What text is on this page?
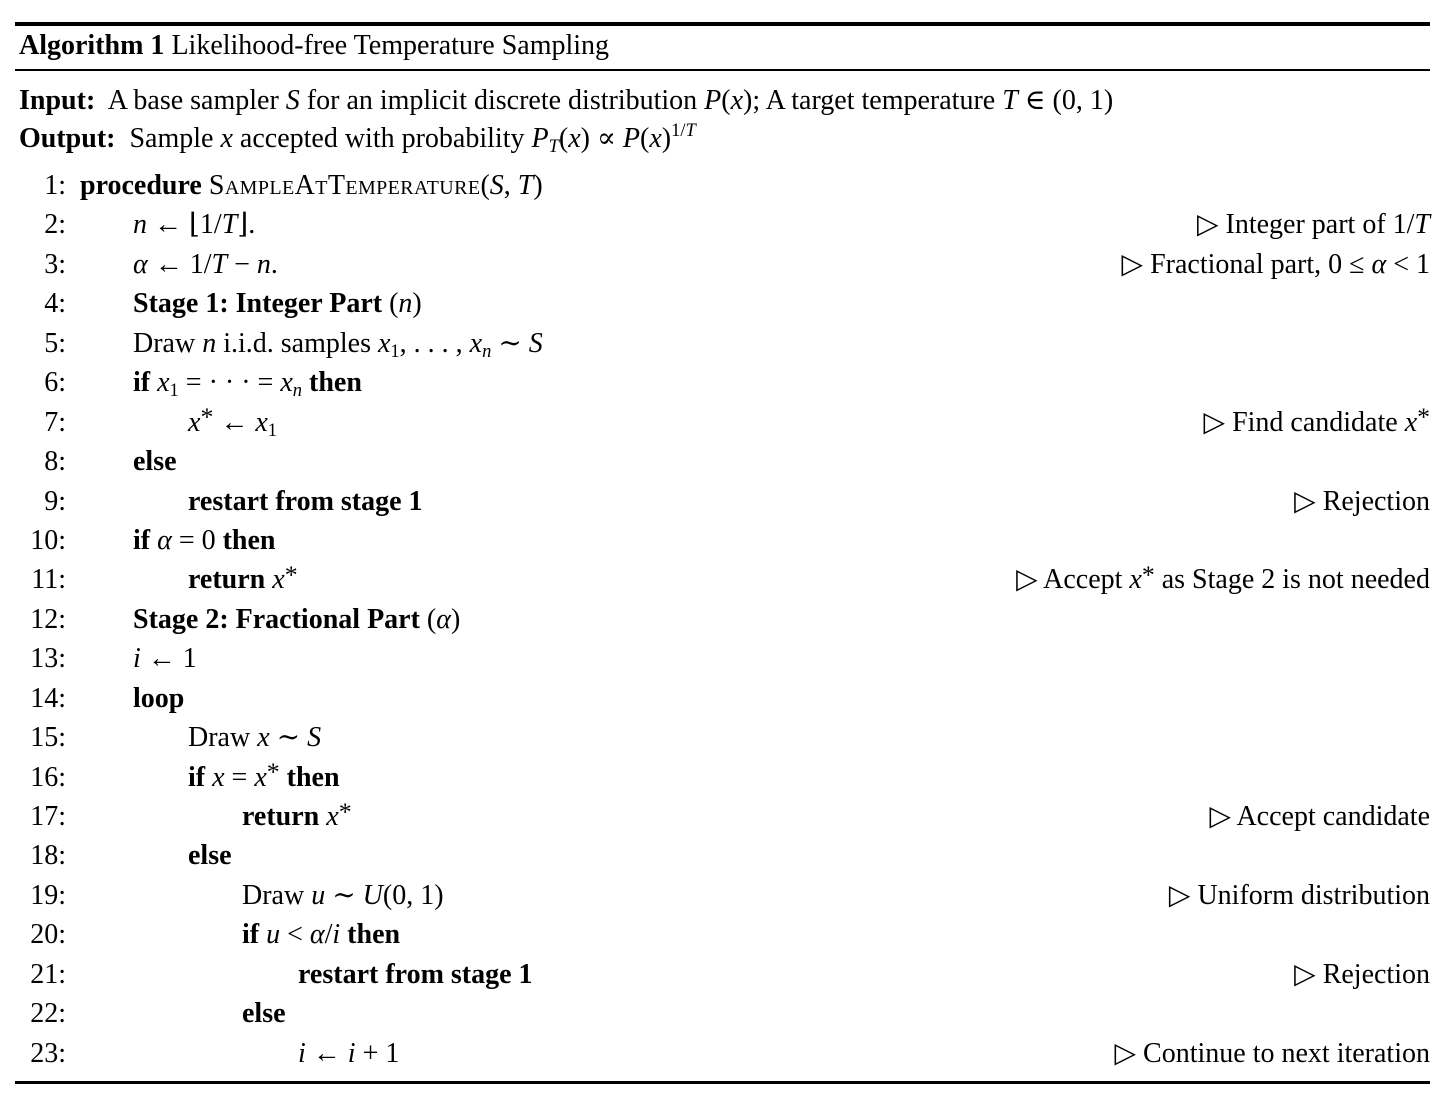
Algorithm 1 Likelihood-free Temperature Sampling
Input:  A base sampler S for an implicit discrete distribution P(x); A target temperature T ∈ (0, 1)
Output:  Sample x accepted with probability $PT(x) \propto P(x)^{1/T}$
1: procedure SampleAtTemperature(S, T)
2: n ← ⌊1/T⌋.	▷ Integer part of 1/T
3: α ← 1/T − n.	▷ Fractional part, 0 ≤ α < 1
4: Stage 1: Integer Part (n)
5: Draw n i.i.d. samples x1, . . . , xn ∼ S
6: if x1 = · · · = xn then
7:	x* ← x1	▷ Find candidate x*
8: else
9:	restart from stage 1	▷ Rejection
10: if α = 0 then
11:	return x*	▷ Accept x* as Stage 2 is not needed
12: Stage 2: Fractional Part (α)
13: i ← 1
14: loop
15:	Draw x ∼ S
16:	if x = x* then
17:	return x*	▷ Accept candidate
18:	else
19:	Draw u ∼ U(0, 1)	▷ Uniform distribution
20:	if u < α/i then
21:	restart from stage 1	▷ Rejection
22:	else
23:	i ← i + 1	▷ Continue to next iteration
